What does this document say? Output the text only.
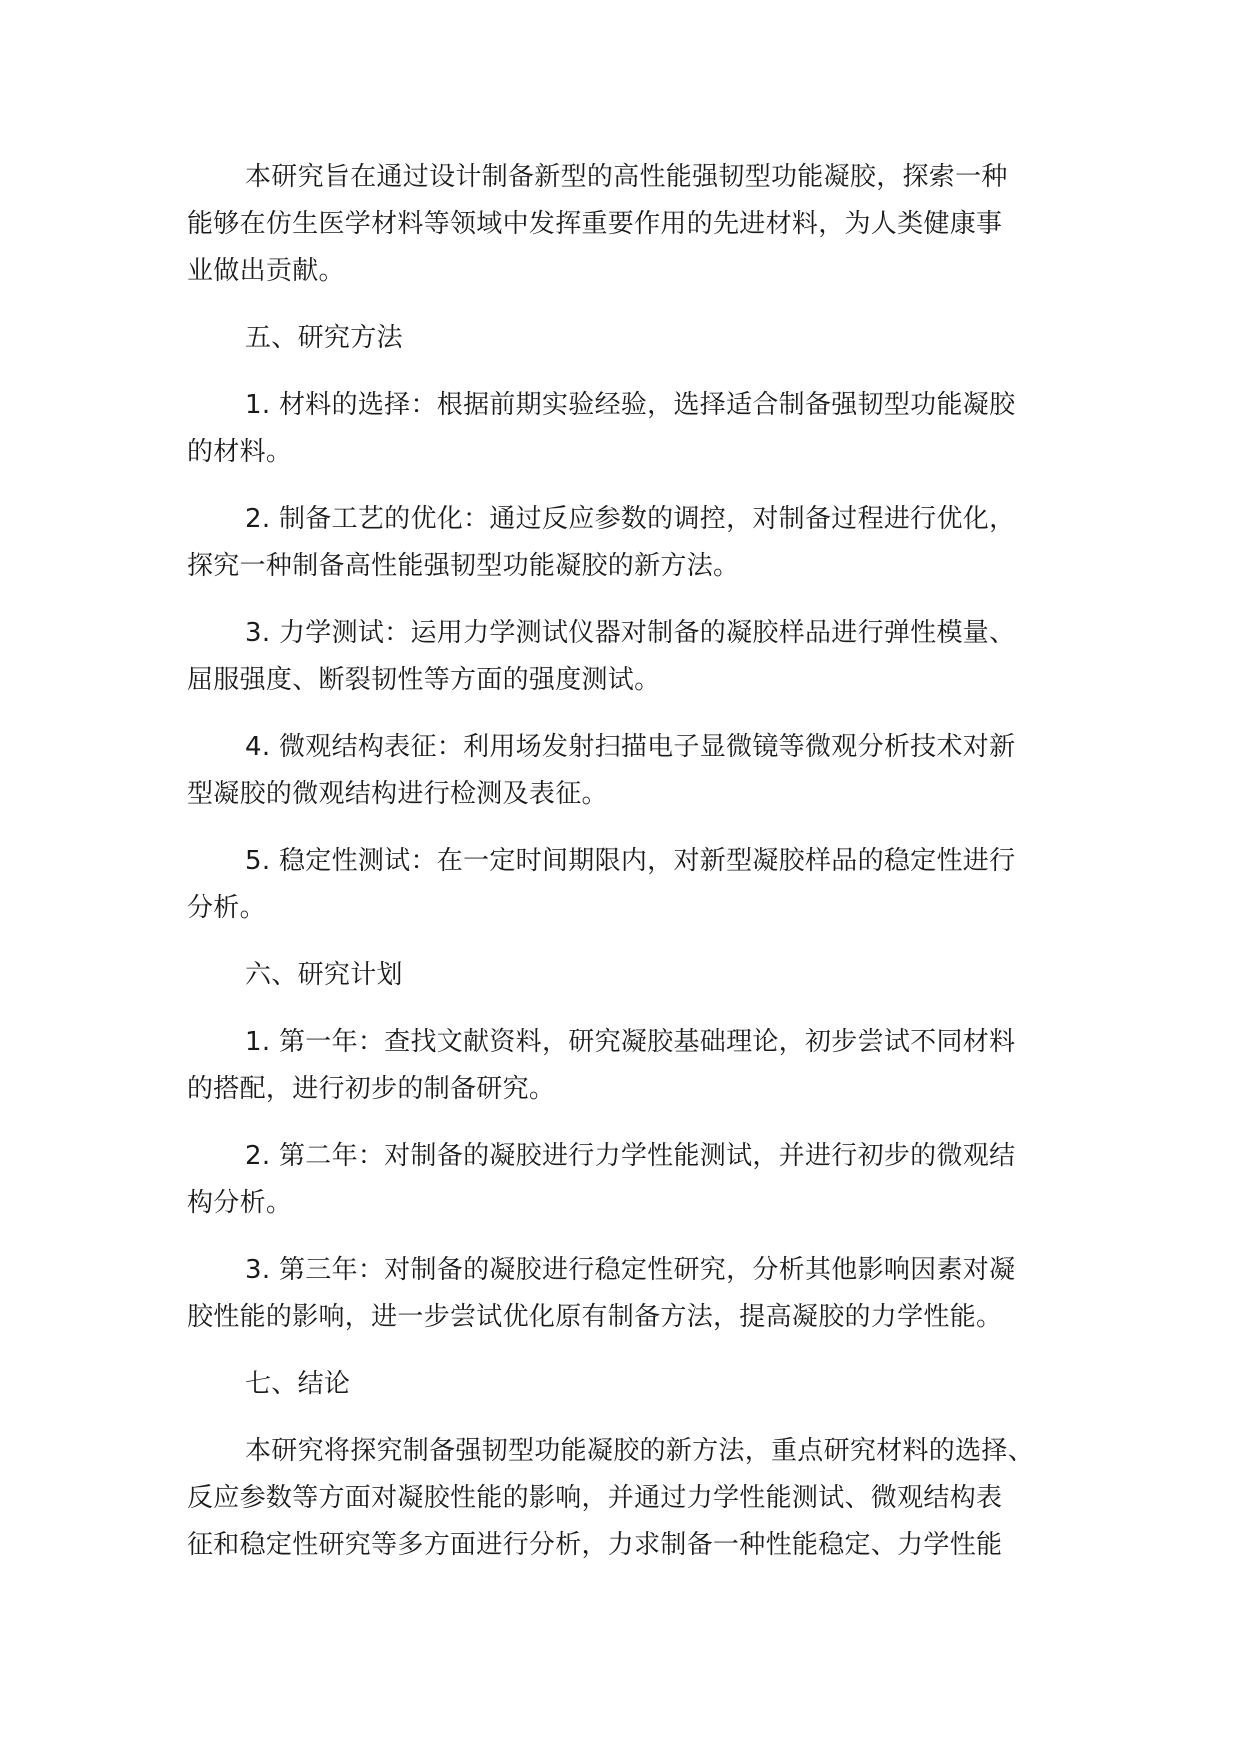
本研究旨在通过设计制备新型的高性能强韧型功能凝胶，探索一种
能够在仿生医学材料等领域中发挥重要作用的先进材料，为人类健康事
业做出贡献。

五、研究方法

1. 材料的选择：根据前期实验经验，选择适合制备强韧型功能凝胶
的材料。

2. 制备工艺的优化：通过反应参数的调控，对制备过程进行优化，
探究一种制备高性能强韧型功能凝胶的新方法。

3. 力学测试：运用力学测试仪器对制备的凝胶样品进行弹性模量、
屈服强度、断裂韧性等方面的强度测试。

4. 微观结构表征：利用场发射扫描电子显微镜等微观分析技术对新
型凝胶的微观结构进行检测及表征。

5. 稳定性测试：在一定时间期限内，对新型凝胶样品的稳定性进行
分析。

六、研究计划

1. 第一年：查找文献资料，研究凝胶基础理论，初步尝试不同材料
的搭配，进行初步的制备研究。

2. 第二年：对制备的凝胶进行力学性能测试，并进行初步的微观结
构分析。

3. 第三年：对制备的凝胶进行稳定性研究，分析其他影响因素对凝
胶性能的影响，进一步尝试优化原有制备方法，提高凝胶的力学性能。

七、结论

本研究将探究制备强韧型功能凝胶的新方法，重点研究材料的选择、
反应参数等方面对凝胶性能的影响，并通过力学性能测试、微观结构表
征和稳定性研究等多方面进行分析，力求制备一种性能稳定、力学性能
